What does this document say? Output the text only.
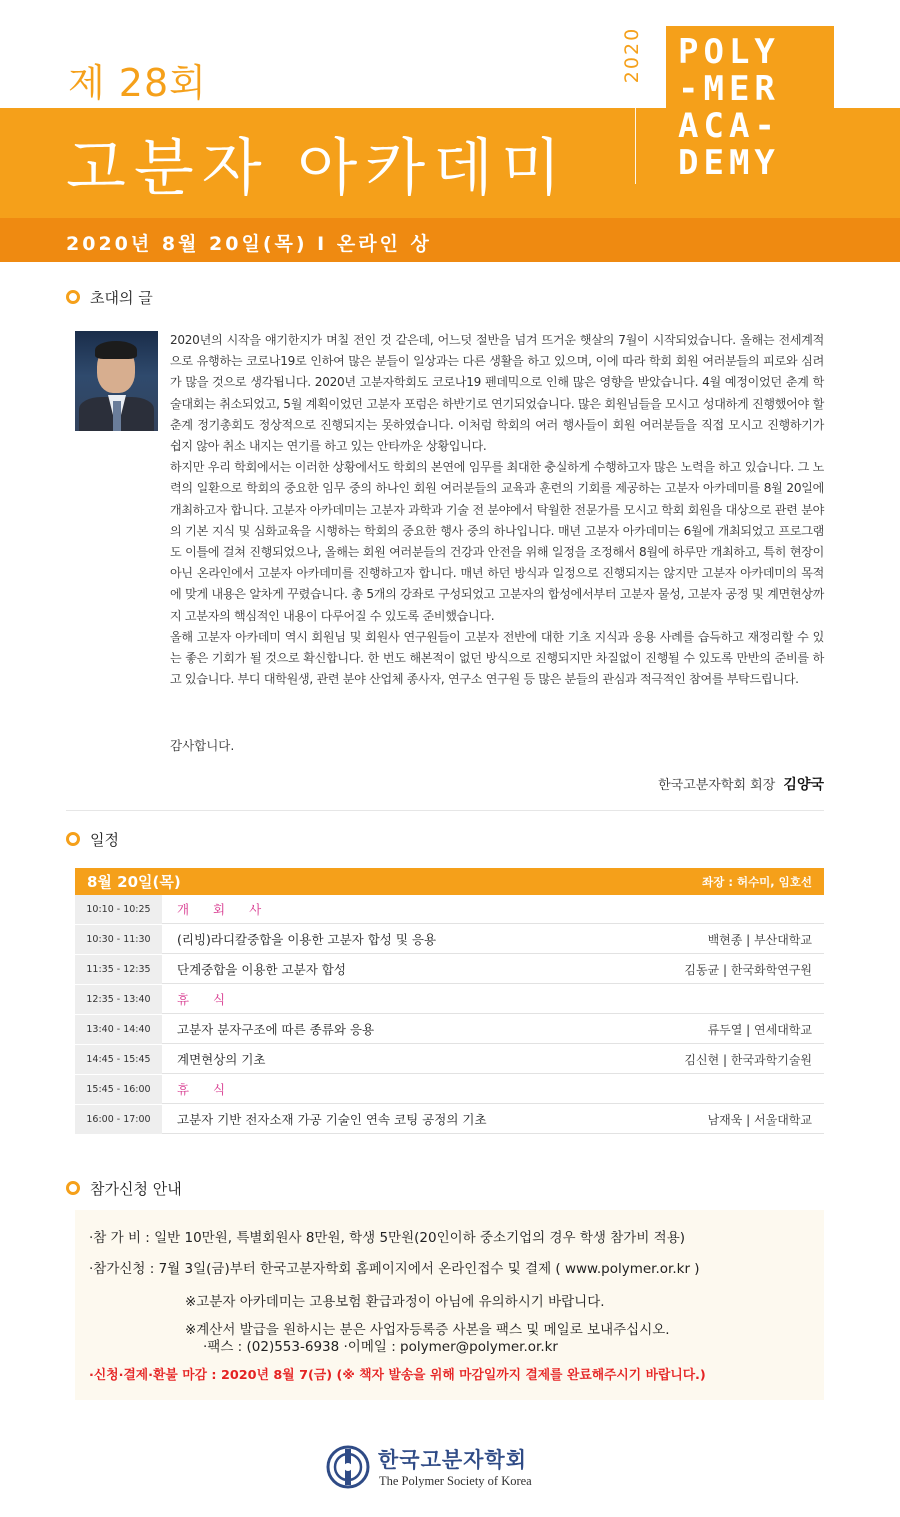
제 28회
고분자 아카데미
2020년 8월 20일(목) I 온라인 상
2020 POLY
-MER
ACA-
DEMY
초대의 글

2020년의 시작을 얘기한지가 며칠 전인 것 같은데, 어느덧 절반을 넘겨 뜨거운 햇살의 7월이 시작되었습니다. 올해는 전세계적으로 유행하는 코로나19로 인하여 많은 분들이 일상과는 다른 생활을 하고 있으며, 이에 따라 학회 회원 여러분들의 피로와 심려가 많을 것으로 생각됩니다. 2020년 고분자학회도 코로나19 펜데믹으로 인해 많은 영향을 받았습니다. 4월 예정이었던 춘계 학술대회는 취소되었고, 5월 계획이었던 고분자 포럼은 하반기로 연기되었습니다. 많은 회원님들을 모시고 성대하게 진행했어야 할 춘계 정기총회도 정상적으로 진행되지는 못하였습니다. 이처럼 학회의 여러 행사들이 회원 여러분들을 직접 모시고 진행하기가 쉽지 않아 취소 내지는 연기를 하고 있는 안타까운 상황입니다.

하지만 우리 학회에서는 이러한 상황에서도 학회의 본연에 임무를 최대한 충실하게 수행하고자 많은 노력을 하고 있습니다. 그 노력의 일환으로 학회의 중요한 임무 중의 하나인 회원 여러분들의 교육과 훈련의 기회를 제공하는 고분자 아카데미를 8월 20일에 개최하고자 합니다. 고분자 아카데미는 고분자 과학과 기술 전 분야에서 탁월한 전문가를 모시고 학회 회원을 대상으로 관련 분야의 기본 지식 및 심화교육을 시행하는 학회의 중요한 행사 중의 하나입니다. 매년 고분자 아카데미는 6월에 개최되었고 프로그램도 이틀에 걸쳐 진행되었으나, 올해는 회원 여러분들의 건강과 안전을 위해 일정을 조정해서 8월에 하루만 개최하고, 특히 현장이 아닌 온라인에서 고분자 아카데미를 진행하고자 합니다. 매년 하던 방식과 일정으로 진행되지는 않지만 고분자 아카데미의 목적에 맞게 내용은 알차게 꾸렸습니다. 총 5개의 강좌로 구성되었고 고분자의 합성에서부터 고분자 물성, 고분자 공정 및 계면현상까지 고분자의 핵심적인 내용이 다루어질 수 있도록 준비했습니다.

올해 고분자 아카데미 역시 회원님 및 회원사 연구원들이 고분자 전반에 대한 기초 지식과 응용 사례를 습득하고 재정리할 수 있는 좋은 기회가 될 것으로 확신합니다. 한 번도 해본적이 없던 방식으로 진행되지만 차질없이 진행될 수 있도록 만반의 준비를 하고 있습니다. 부디 대학원생, 관련 분야 산업체 종사자, 연구소 연구원 등 많은 분들의 관심과 적극적인 참여를 부탁드립니다.

감사합니다.
한국고분자학회 회장 김양국
일정
8월 20일(목)	좌장 : 허수미, 임호선
10:10 - 10:25	개 회 사
10:30 - 11:30	(리빙)라디칼중합을 이용한 고분자 합성 및 응용	백현종 | 부산대학교
11:35 - 12:35	단계중합을 이용한 고분자 합성	김동균 | 한국화학연구원
12:35 - 13:40	휴 식
13:40 - 14:40	고분자 분자구조에 따른 종류와 응용	류두열 | 연세대학교
14:45 - 15:45	계면현상의 기초	김신현 | 한국과학기술원
15:45 - 16:00	휴 식
16:00 - 17:00	고분자 기반 전자소재 가공 기술인 연속 코팅 공정의 기초	남재욱 | 서울대학교
참가신청 안내
·참 가 비 : 일반 10만원, 특별회원사 8만원, 학생 5만원(20인이하 중소기업의 경우 학생 참가비 적용)
·참가신청 : 7월 3일(금)부터 한국고분자학회 홈페이지에서 온라인접수 및 결제 ( www.polymer.or.kr )
※고분자 아카데미는 고용보험 환급과정이 아님에 유의하시기 바랍니다.
※계산서 발급을 원하시는 분은 사업자등록증 사본을 팩스 및 메일로 보내주십시오.
·팩스 : (02)553-6938 ·이메일 : polymer@polymer.or.kr
·신청·결제·환불 마감 : 2020년 8월 7(금) (※ 책자 발송을 위해 마감일까지 결제를 완료해주시기 바랍니다.)
한국고분자학회
The Polymer Society of Korea
